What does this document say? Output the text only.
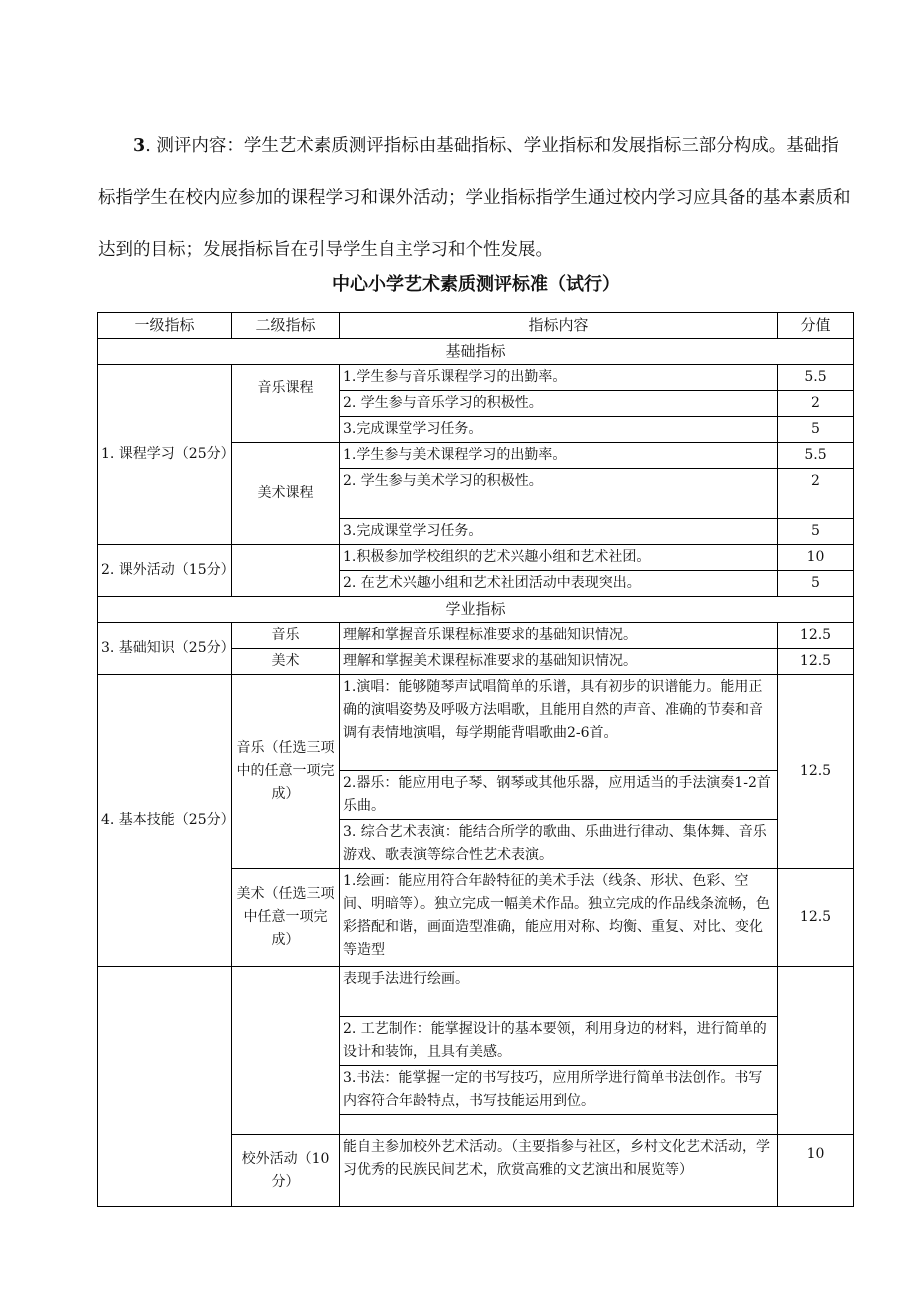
3. 测评内容：学生艺术素质测评指标由基础指标、学业指标和发展指标三部分构成。基础指标指学生在校内应参加的课程学习和课外活动；学业指标指学生通过校内学习应具备的基本素质和达到的目标；发展指标旨在引导学生自主学习和个性发展。

中心小学艺术素质测评标准（试行）
一级指标	二级指标	指标内容	分值
基础指标			
1. 课程学习（25分）	音乐课程	1.学生参与音乐课程学习的出勤率。	5.5
		2. 学生参与音乐学习的积极性。	2
		3.完成课堂学习任务。	5
	美术课程	1.学生参与美术课程学习的出勤率。	5.5
		2. 学生参与美术学习的积极性。	2
		3.完成课堂学习任务。	5
2. 课外活动（15分）		1.积极参加学校组织的艺术兴趣小组和艺术社团。	10
		2. 在艺术兴趣小组和艺术社团活动中表现突出。	5
学业指标			
3. 基础知识（25分）	音乐	理解和掌握音乐课程标准要求的基础知识情况。	12.5
	美术	理解和掌握美术课程标准要求的基础知识情况。	12.5
4. 基本技能（25分）	音乐（任选三项中的任意一项完成）	1.演唱：能够随琴声试唱简单的乐谱，具有初步的识谱能力。能用正确的演唱姿势及呼吸方法唱歌，且能用自然的声音、准确的节奏和音调有表情地演唱，每学期能背唱歌曲2-6首。	12.5
		2.器乐：能应用电子琴、钢琴或其他乐器，应用适当的手法演奏1-2首乐曲。	
		3. 综合艺术表演：能结合所学的歌曲、乐曲进行律动、集体舞、音乐游戏、歌表演等综合性艺术表演。	
	美术（任选三项中任意一项完成）	1.绘画：能应用符合年龄特征的美术手法（线条、形状、色彩、空间、明暗等）。独立完成一幅美术作品。独立完成的作品线条流畅，色彩搭配和谐，画面造型准确，能应用对称、均衡、重复、对比、变化等造型	12.5
		表现手法进行绘画。	
		2. 工艺制作：能掌握设计的基本要领，利用身边的材料，进行简单的设计和装饰，且具有美感。	
		3.书法：能掌握一定的书写技巧，应用所学进行简单书法创作。书写内容符合年龄特点，书写技能运用到位。	

	校外活动（10分）	能自主参加校外艺术活动。（主要指参与社区，乡村文化艺术活动，学习优秀的民族民间艺术，欣赏高雅的文艺演出和展览等）	10
